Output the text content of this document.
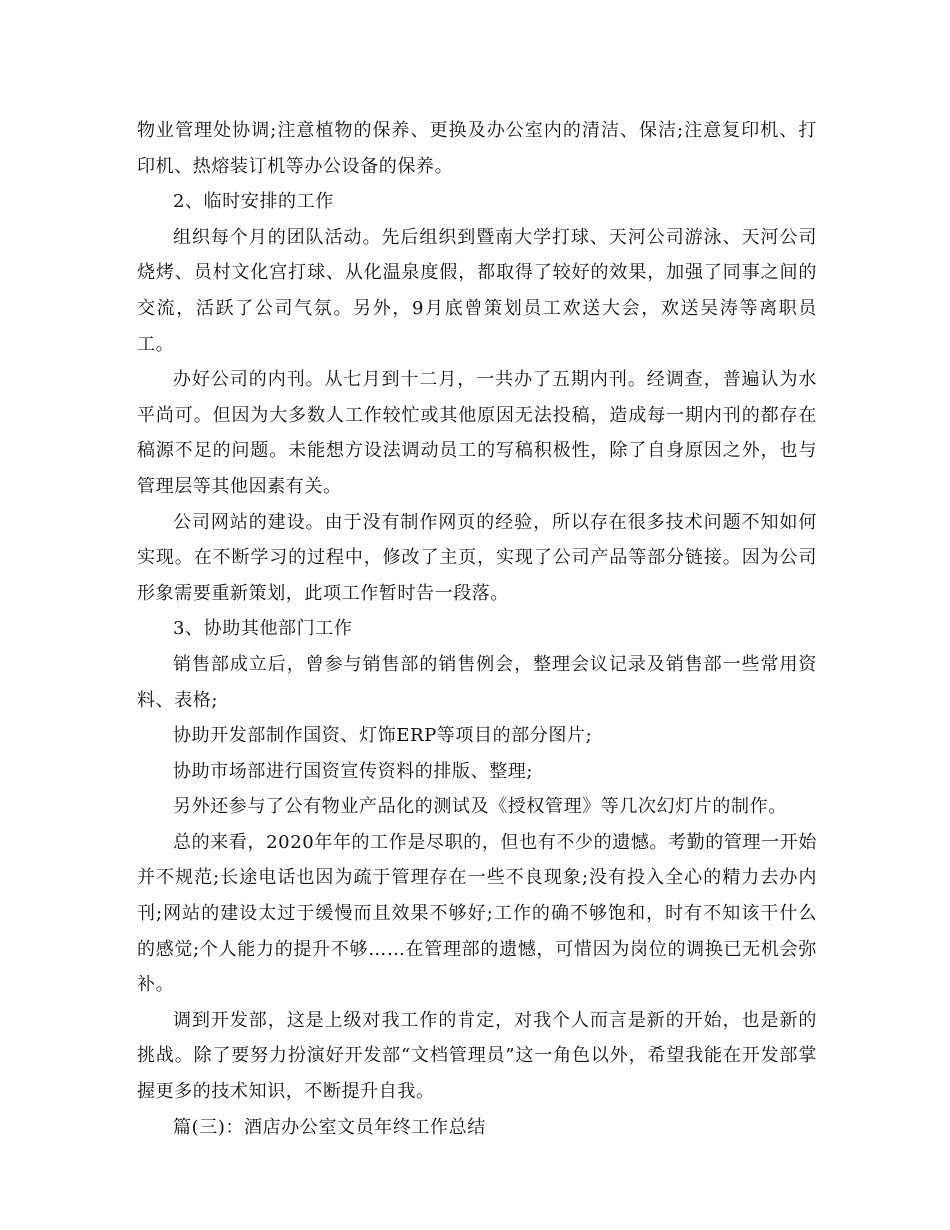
物业管理处协调;注意植物的保养、更换及办公室内的清洁、保洁;注意复印机、打印机、热熔装订机等办公设备的保养。

2、临时安排的工作

组织每个月的团队活动。先后组织到暨南大学打球、天河公司游泳、天河公司烧烤、员村文化宫打球、从化温泉度假，都取得了较好的效果，加强了同事之间的交流，活跃了公司气氛。另外，9月底曾策划员工欢送大会，欢送吴涛等离职员工。

办好公司的内刊。从七月到十二月，一共办了五期内刊。经调查，普遍认为水平尚可。但因为大多数人工作较忙或其他原因无法投稿，造成每一期内刊的都存在稿源不足的问题。未能想方设法调动员工的写稿积极性，除了自身原因之外，也与管理层等其他因素有关。

公司网站的建设。由于没有制作网页的经验，所以存在很多技术问题不知如何实现。在不断学习的过程中，修改了主页，实现了公司产品等部分链接。因为公司形象需要重新策划，此项工作暂时告一段落。

3、协助其他部门工作

销售部成立后，曾参与销售部的销售例会，整理会议记录及销售部一些常用资料、表格;

协助开发部制作国资、灯饰ERP等项目的部分图片;

协助市场部进行国资宣传资料的排版、整理;

另外还参与了公有物业产品化的测试及《授权管理》等几次幻灯片的制作。

总的来看，2020年年的工作是尽职的，但也有不少的遗憾。考勤的管理一开始并不规范;长途电话也因为疏于管理存在一些不良现象;没有投入全心的精力去办内刊;网站的建设太过于缓慢而且效果不够好;工作的确不够饱和，时有不知该干什么的感觉;个人能力的提升不够……在管理部的遗憾，可惜因为岗位的调换已无机会弥补。

调到开发部，这是上级对我工作的肯定，对我个人而言是新的开始，也是新的挑战。除了要努力扮演好开发部“文档管理员”这一角色以外，希望我能在开发部掌握更多的技术知识，不断提升自我。

篇(三)：酒店办公室文员年终工作总结
